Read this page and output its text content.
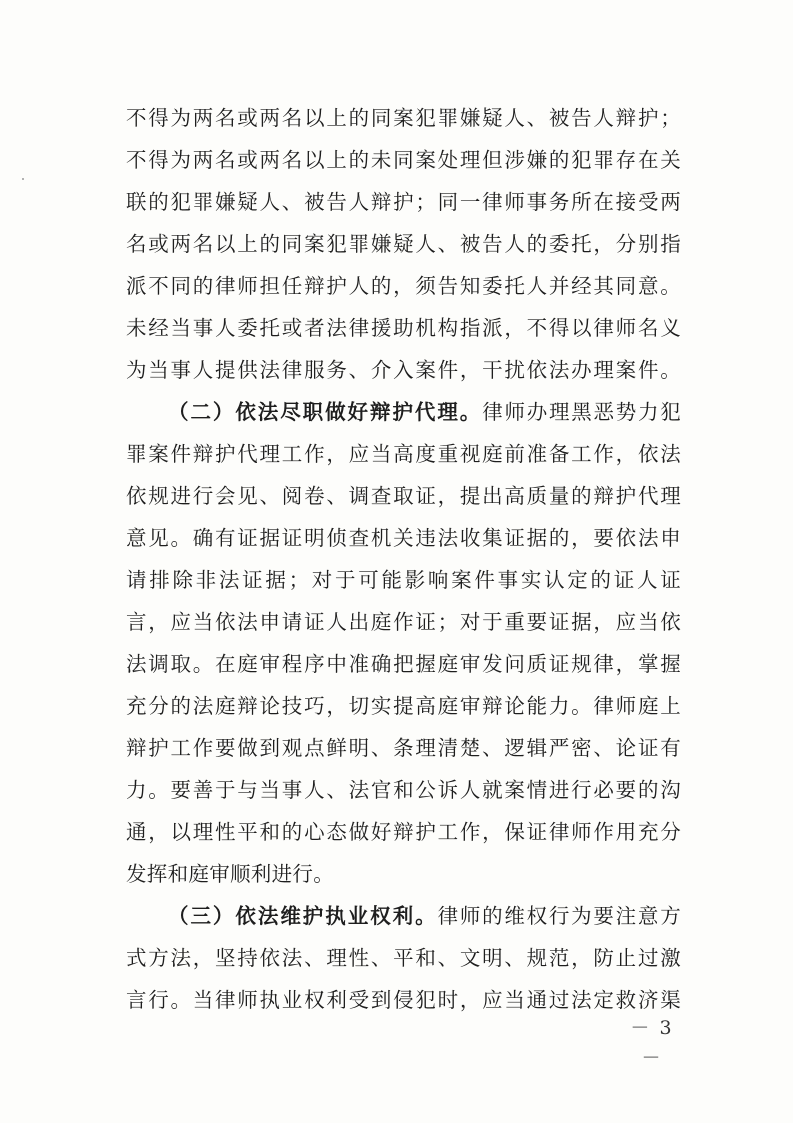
不得为两名或两名以上的同案犯罪嫌疑人、被告人辩护；
不得为两名或两名以上的未同案处理但涉嫌的犯罪存在关
联的犯罪嫌疑人、被告人辩护；同一律师事务所在接受两
名或两名以上的同案犯罪嫌疑人、被告人的委托，分别指
派不同的律师担任辩护人的，须告知委托人并经其同意。
未经当事人委托或者法律援助机构指派，不得以律师名义
为当事人提供法律服务、介入案件，干扰依法办理案件。
（二）依法尽职做好辩护代理。律师办理黑恶势力犯
罪案件辩护代理工作，应当高度重视庭前准备工作，依法
依规进行会见、阅卷、调查取证，提出高质量的辩护代理
意见。确有证据证明侦查机关违法收集证据的，要依法申
请排除非法证据；对于可能影响案件事实认定的证人证
言，应当依法申请证人出庭作证；对于重要证据，应当依
法调取。在庭审程序中准确把握庭审发问质证规律，掌握
充分的法庭辩论技巧，切实提高庭审辩论能力。律师庭上
辩护工作要做到观点鲜明、条理清楚、逻辑严密、论证有
力。要善于与当事人、法官和公诉人就案情进行必要的沟
通，以理性平和的心态做好辩护工作，保证律师作用充分
发挥和庭审顺利进行。
（三）依法维护执业权利。律师的维权行为要注意方
式方法，坚持依法、理性、平和、文明、规范，防止过激
言行。当律师执业权利受到侵犯时，应当通过法定救济渠
－ 3 －
